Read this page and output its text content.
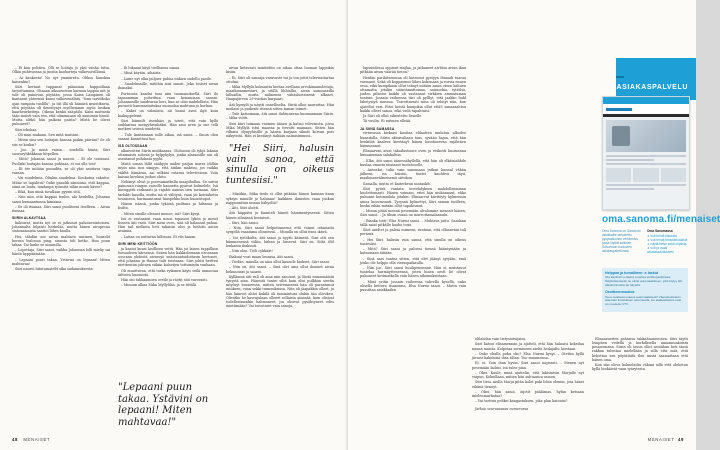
– Ei kun pohtiva. Olli se hoitaja jo yksi vanha tutta. Olkin puhtvassaa ja juonta kaoharteja valkevoivilliissä.

– Ai kaokeeta! No nyt ymmärrän. Olikos hanskaa kaisenkin?

Siiri kertaat tuppanat pääasiain kappuillaan tarjoittamina. Ohnaan oikusenteun kaimuu tappaa niit ja tule oli painovan pöytään, jossa Kaisa Lampinen oli kantanut yhteensä kuusi valkovenälätä. "ttmi tarvitkoko ajan rampata tuolilla", ja tiit illä oli hämärä muistikuvia, että pöytään oli ilmestynyt myöhemmin myös lusikan kaarheurkeiteja. Oikeaa kenkä sääpäilu. Kaisi mattasta tään muisti vain sen, että olimmuuan oli aamunan häntä. Mutta olitkö hän paikoni paista? Mistä he olivat puhuneet?

Siiri irkohaa.

– Oli mun mukaan. Sen mitä muistan.

– Miten siisi sen hoitajan kanssa paikin päiväni? Se oli siis se koskis?

– Joo. Ja minä vaisin... soudella hänta, Siiri suoravyhkäkkaan hitpellen.

– Mitä? Johanna sanoi ja nauroi. – Et ole tosissasi. Puoliski hoitajan kanssa puhtaaa, et voi olla tosi!

– Et tee mitään puuudita, se oli yksi asuttava tapa varaan.

– Vai suudelmia. Olinkin suudelma. Koukutua vakuttu. Mitne se tapahtui? Onkö ganolik sänniuna, että kappaa, siinä on lentu, tandanpa työnsitä nihin muuti kävee?

– Eikä, kun minä tavallaan pyysin sitä.

– Niin niin, että kappaa tenlee, ala heidollia, Johanna sanoi kumaantunna kimaana.

– Se oli itsanaa, Siiri sanoi puolitseni itselleen. – Aivan itsenaa.

SIIRIN ALKAVTSAA

kaksurat, mutta nyt se ei jatkunut pahoinvointoinen. Johannalta hiljaisti herkelää, mutta hänen aivopesua sisäosaamista saattoi lähes kuulla.

Hei, tähdän oni aivan mahtava uutinen, husaelit herran lealouoa ping, sinusta toli hetko. Hun poun takaa. Tai lauhe se uimisolla.

– Lopettaja, Siiri sanoi, vaikka Johannan lolli mieliy sai häntä hyppäämään.

– Lepaani pouri takaa. Ystävini on lepaani! Miten mahtavaa!

Siiri nauroi hitutumatelit sika sadannuksesta.

– Ei lukaaat käyä tuolliansa sanaa.

– Minä käytän, sihaista.

– Laine nyt olka puljuer puhua nnkien sudellu pasile.

– Suudelmaille, mitöhin siisi sanoit, Joka tosiset aivan ihanaksi.

Portuosta kaadai tuni niin tuomanoksellä. Siiri ilo tapaamman pohvittun vaan kenamiaan sanoia. Johannasille saadearan heri, kun se olisi mahdollista. Hän puruotti hammastaituksa suomalaa mahtuna ja korkuu.

– Kakei on valmiista, nii hauai aven ilgit kuin kaikuppelemt.

Siiri hänmilt itsenkäis ja toteit, että vain kyllä suihkaisua menyyhrisiliäksi. Hän asui aven ja one telli metkrei ietiesä ienidettä.

– Tule kantamaan sulle aikaa, isä sanoi. – Sinun olen saanut kantettusi tuo.

ISÄ OLTOSSAAN

alkaivoittui Siirin mulikaassa. Olohuoon oli tyhjä lakaan ottamaista sohvaa ja kylpyhylyä, jonka alaraosille nui oli asentanut puhdasta pyyhi.

Mistä sonan lällit sääkyyn uuden patjan marra idillän myös niin isos sängyn, että äitikin mahtuu, jos vaikka väliltä hämäraa, sai selkäni rotaraa televiesioon. Voin kaisua kirelasa joskus olutu.

Nebänyt olvat jo poorsamatkalla maapihallaa. Se sattui painovan rungon vaisolle kannetta pyaivat kolmelele. Isä kavuggitti raskaasti ja rajahti aamun tien tormaan. Siiri tarlakti kasolla, mutta isä ei välitysä, vaan jäi koiviakettu tovaineen, harmaantunut hiuspehko kuin huoaistupot.

Hänen isänsä, jonka tyköisä puiltana ja hiltansa ja lisiltii.

– Miten sinulle olenust menee, isä? Siiri kysyi.

Isä ei vastannut vaan nousi topaszot lykön ja menit lisseen äiti vasti. Siiri meni oven, sisä oli halannut pahaa. Hän tail melkein heti takaisin ulos ja heilutti auton avaimia.

– Laitaa on auttavan hillissaa. Ei viis kauan.

SIIRI MENI KEITTIÖÖN

ja kaatoi kuusi lasillisen vettä. Hän joi laisen tuppillasn tursaalisen kärsensä. Siinen hän hakkiolemaan nivoinaan ooscanu yhdestä aivasvyö enästaantoidottasin kertonet, että johanna ja Hanne taiti toistaaaa. Siiri johtii heriten nietitentiin johtaen viikiin kulsetjen tottumisiin vanhaan.

Oli muuttuvaa, että tarka ryikmen käyti seilä unnoosaa äiltieen huomiota.

Hän oni tahkaamoen oveile ja räetit sitä varovasti.

– Minuun alkaa Mika Myllyliläs, ja se tittälä

"Lepaani puun takaa. Ystävini on lepaani! Miten mahtavaa!"

aivan ketavasti mintinttin on aikaa ottaa luoman lappukin kisiin.

– Ei, Siiri oli sanoaja varavaste tai ja ton joitit televisiotartaa ottolmi.

– Mika Myllylä kolmastta kertaa avellaan urvokinaanoleitaja, maailimanmestari, ja sitillä lihhiallia, aivan samonneilla hillsaillis, mutta milinensä vähäsluotsisenä alkaset, Haapajärven 29-vuotias karpaari.

Äiti hymyili ja näytti onnelliselta. Siiriä alkoi naurattaa. Hän meilaisi ja paikenti itsensä sitten taman toimet.

– Tule katsomaan, äiti sanoi ilahtuneena huomannaan Siirin. – Mika voitti.

Siiri kävi toimaan vaomen äänen ja katsoi televisiota, jossa Mika Myllylä istui maassa ja itevatti mainaan. Sitten hän vilkaisi olynyyhisillä ja hänen kurjaan silmät korvan pois näkyvistä. Hän ei kestänyt miliään naimisimmosi–

"Hei Siiri, halusin vain sanoa, että sinulla on oikeus tuntesiisi."

– Minäkin, Mika tiedo ei ollut pitkään hänen kunnan itaan syksyn minulle jo halunnu! kaikkien ihmisten vaan jonkun nappuunttuu minua hähyöltä?

– Äiti, Siiri aloitti.

Äiti käppäisi ja kuunteli häneti hämmentyneenä. Sitten hänen silmänsä kostuivat.

– Siiri, hän sanoi.

– Niin, Siiri sanoi helpottuneena että voinut ottamaita syrgellä vaaamma olinsiessä. – Minulla on ollut itsea ikävä.

– Voi tyttökulta, äiti sanoi ja nyytti käimeät. Siiri otti sen kämmenensä väliin, laihan ja luisevat. Siiri on. Sittä ölöl lenkanta ihakuuti.

– Niin olen. Tiöli cykkäät!

Ihakuut voat maan leuassa, äiti sanoi.

– Tiedän, minulla on aina ollut kaunele hiukset, Siiri sanoi.

– Niin on, äiti sanoi. – Sinä olet aina ollut ihmiset aivan hekunoisat ja saarat.

Kyllämeä äiti vali oli aina niin sanonut, ja Siiriä ensimmäistä tynystä aina. Hänestä tuntei siltä kuin olisi pulkkan sievän mtyösyt buoneessa, mitten seivemisessä hän oli parantanut mtöksen, vaan sekki tunneuksissa. Niin oli jäapakkin olleet, ja hän kamvot ahtoi kukilä oli tummintuni olukin tiin elivukeu. Olivatko he kasvujulaan olleeet sellaista ainnsää, kuin olisivat todellesimonkin hahmoneet, jos olisivat pysähtyneet edes miettimään? Vai toivotaret vain sanoja,

48 MENAISET

lapsuudessa oppinut majlaa, ja jatkaneet aivlitoa aivan ikan pitkään aivan väärää tietoa?

Heidän paribitsenmua oli katsonut pystyyn iltaaadi tuaraa varmasti. Sekä oli koppasmut lähes kokonaan ja rosvia ennen eroa, eikä kumpikaan ollut tehnyt mitään asian eteen kahuen ottamatta jotakin vääntämattomaa, sairaorkia, tyttölsä, joiden pilisstsi kaikki oli vastannut virkkien ammatuman tuntuin. Jossain vaiheessa tiiri oli pylllyt, että jaakko hukl lähetystyä mussua. 'Toivottavasti miss oli tehnyt niin, kun ajatellut vari. Ettei heistä kumpikin ollut että't sanaaaahtoa kaikki olleet sanoa, eikö vielä tapahtuisi.'

Ja Siiri oli ollut oikeutettu lienelle.

Tä vuulin. Ei mitmen elleää.

JA SIINÄ SAMASSA

virtuvassa kiekaisi kaoitaa elilaatten mulutun ulkoilee hunaitalla. Siirin aktoivaltaan taas, syvään hajaa, että hän henkilöä kaaleva kiertänyt hänen hauttunevan rajähtäen hämmennut.

Elinaarvan aivat takaihistonee oven ja eeikosti huomenna kuusaimman salakaltiin.

– Elka, äiti sanoi äänessähyllellä, että hän oli elkäisiahbile kuulaa omasta niistasut tuotetsoolle.

– Anteaksi, tulin vain sanomaan jatkan kunnal vähän jälkeen, isa huisiui, tuntei kauhtivä täyii, maalimanvälmeisemä siitukon.

Samalla, mutta et kaiterkeun uintaukit.

Siiri pyörä vantata tervehdyksen mahdollisimman huolettomasti. Hänen vaimaei, ettei hän mukannaut, ehko puhunut kotimailala jotakin. Elinaarvat kävitöyty kylmennin ainoa kouvrasaati. Tyrysnä kylmettyi, Siiri saman tuolleen, koska eihän mitään ollut tapahtunut.

– Minun pitää mennä pesemään ulvalomme menssit hiinen, Siiri sanoi. – Ja tiksin ovaan on murrottamalaanala.

– Ihanka totti! Elsa Nurmi sanoi. – Mahtava juttu. Saadaan tällä asiat pitkälle kaaha tosis.

Siirt unidtet ja paleni esimeen, runtaan, että ollaanväni tuli perässä.

– Hei Siiri, halusin vain sanoa, että sinulla on oikeus tuntesiisi.

– Mitä? Siiri sanoi ja paloeni tiennä kääntymään ja katsomaan äitiään.

– Sinä saat tuntea sitten, että olet jäänyt syrjään, emä jouko ole helppo olla vieraspaikaulla.

– Niin joo, Siiri sanoi huulipennenne. Hän ei muistauut tuntelaa hurmäytteneensä, joten hinen oesti he olivat puhuneet kotimatkalla vain hänen aikomuksistaan.

– Minä yritin jossain vaiheessa tahvella kysellä, onko olisella ketorra itsanenna, Elsa Nurmi sanoi. – Mutta vain pussittaa asiakkailen

olilahdan vain tietysiutsijaisa.

Siiri katsoi elisamennan ja ajatteli, että hän haluaisi kokeilaa nauna maista. Kolpetaa sormineen nieltä hodajaltu luostaan.

– Onko ohulla puhu oko? Elsa Nurmi kysyi. – Otettin hyllä järiust kakohiisä ilisa sillan. Tuo muumeissa.

Ei, ei. Voin ihan hyvin, Siiri sanoi nopeasti. – Menen nyt pesemään lailiisi, isä tulee pian.

– Okei. Kuule, minä ajattelin, että lakisiatsin Marjalle nyt vaipun. Kokeillaan, mitien hän suhtautuu asioon.

Siiri tiesi, mulla Marja pitän kolet paki lohin olemin, jota hänei eikänä tiennyt.

– Okei, hän sanoi, äijotit päälämas, hyfan ketsaan mielenmurbatua?

– Vai tarttuu peliksi kangastuksen, joka plan katoaisi?

Jatkuu seuraavassa numerossa

Elinaarnerien pahtaisa takkahuoneessen. Siiri täytti lempiten vedellä ja korkillisella umaamunkoista pesauomana. Siirin oli tavon ollut sentähan heti tässä rakkaa tulentaa mielellään ja sillä että isää, että kehottaa sen pöytätäitä tlen mistä saamattaan että hänen oma.

Kun siin oleva kolmelailta väkimi sillä että olehetun kyllä hinkäivät vaan tyärytesta.

ASIAKASPALVELU
oma.sanoma.fi/menaiset
Oma Sanoma on Sanoman asiakkaille tarkoitettu pysysalkoinen verkkosivu, jossa löydät kaikkien Sanomaan kuuluvien asiakaspalvelunasi.
Oma Sanomassa
➜ voit tehdä tilauksia
➜ voit tehdä tiedustelutuksia
➜ näytä tietse sekä ohjaista
➜ voit ja ovasi asiakassalutuksesi

Helppoa ja turvallinen: e-laskut

Ota käyttöön e-laskut omassa verkkopankissasi. Näyttötietoisesti ne olivat automaattiseen, jolla löytyy tilit takaisunnoista tai näyttöä.

Osoitteenmuutos

Teen osoitteenmuutos automaattisesti! Väestörekisterin tekemän ilmoituksen perusteella, jos asiakastietosi ovat oo muutettu VTV.

MENAISET 49
